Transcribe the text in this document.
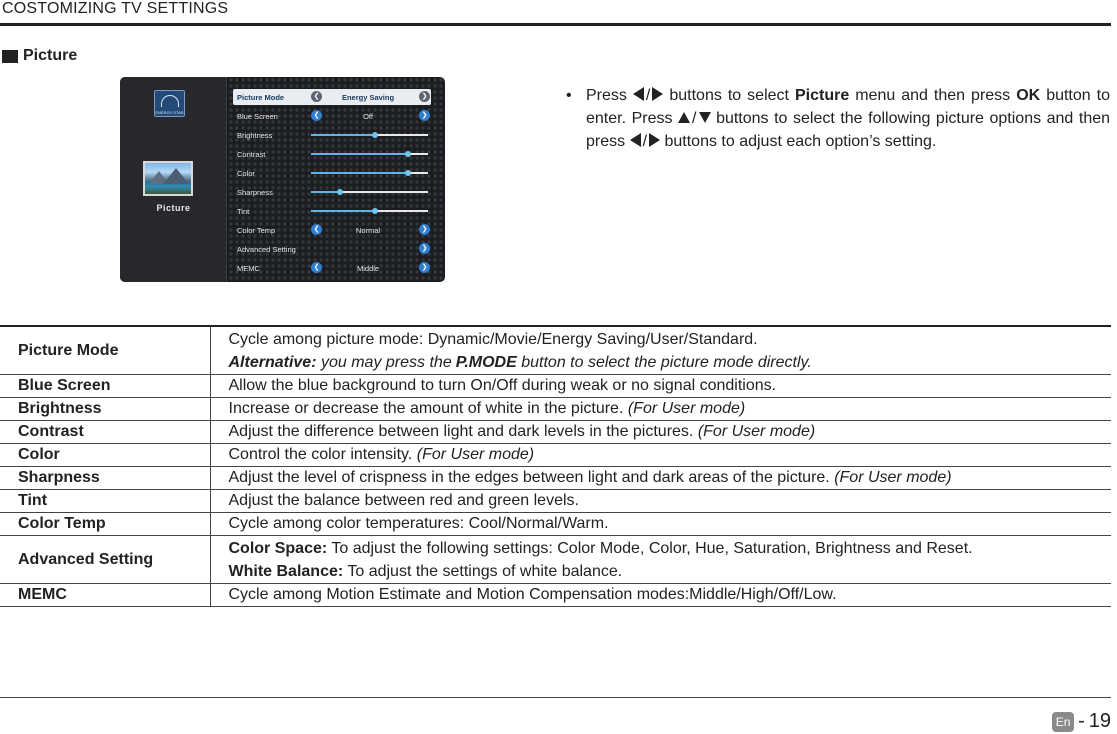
COSTOMIZING TV SETTINGS
Picture
ENERGY STAR
Picture
Picture Mode	❮	Energy Saving	❯
Blue Screen	❮	Off	❯
Brightness
Contrast
Color
Sharpness
Tint
Color Temp	❮	Normal	❯
Advanced Setting	❯
MEMC	❮	Middle	❯
• Press / buttons to select Picture menu and then press OK button to enter. Press / buttons to select the following picture options and then press / buttons to adjust each option’s setting.
Picture Mode	Cycle among picture mode: Dynamic/Movie/Energy Saving/User/Standard.
Alternative: you may press the P.MODE button to select the picture mode directly.

Blue Screen	Allow the blue background to turn On/Off during weak or no signal conditions.

Brightness	Increase or decrease the amount of white in the picture. (For User mode)

Contrast	Adjust the difference between light and dark levels in the pictures. (For User mode)

Color	Control the color intensity. (For User mode)

Sharpness	Adjust the level of crispness in the edges between light and dark areas of the picture. (For User mode)

Tint	Adjust the balance between red and green levels.

Color Temp	Cycle among color temperatures: Cool/Normal/Warm.

Advanced Setting	Color Space: To adjust the following settings: Color Mode, Color, Hue, Saturation, Brightness and Reset.
White Balance: To adjust the settings of white balance.

MEMC	Cycle among Motion Estimate and Motion Compensation modes:Middle/High/Off/Low.
En - 19
